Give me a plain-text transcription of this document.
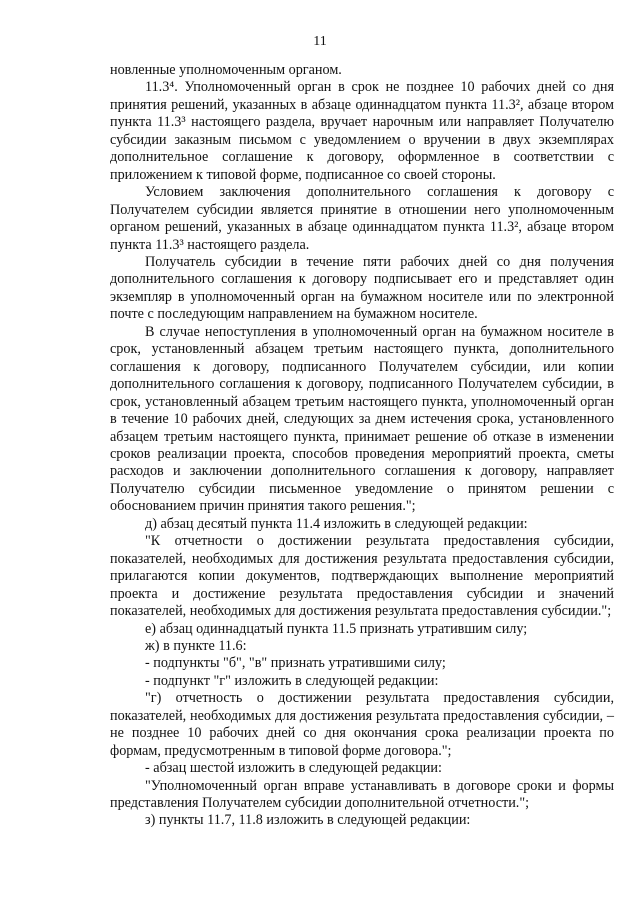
11

новленные уполномоченным органом.

11.3⁴. Уполномоченный орган в срок не позднее 10 рабочих дней со дня принятия решений, указанных в абзаце одиннадцатом пункта 11.3², абзаце втором пункта 11.3³ настоящего раздела, вручает нарочным или направляет Получателю субсидии заказным письмом с уведомлением о вручении в двух экземплярах дополнительное соглашение к договору, оформленное в соответствии с приложением к типовой форме, подписанное со своей стороны.

Условием заключения дополнительного соглашения к договору с Получателем субсидии является принятие в отношении него уполномоченным органом решений, указанных в абзаце одиннадцатом пункта 11.3², абзаце втором пункта 11.3³ настоящего раздела.

Получатель субсидии в течение пяти рабочих дней со дня получения дополнительного соглашения к договору подписывает его и представляет один экземпляр в уполномоченный орган на бумажном носителе или по электронной почте с последующим направлением на бумажном носителе.

В случае непоступления в уполномоченный орган на бумажном носителе в срок, установленный абзацем третьим настоящего пункта, дополнительного соглашения к договору, подписанного Получателем субсидии, или копии дополнительного соглашения к договору, подписанного Получателем субсидии, в срок, установленный абзацем третьим настоящего пункта, уполномоченный орган в течение 10 рабочих дней, следующих за днем истечения срока, установленного абзацем третьим настоящего пункта, принимает решение об отказе в изменении сроков реализации проекта, способов проведения мероприятий проекта, сметы расходов и заключении дополнительного соглашения к договору, направляет Получателю субсидии письменное уведомление о принятом решении с обоснованием причин принятия такого решения.";

д) абзац десятый пункта 11.4 изложить в следующей редакции:

"К отчетности о достижении результата предоставления субсидии, показателей, необходимых для достижения результата предоставления субсидии, прилагаются копии документов, подтверждающих выполнение мероприятий проекта и достижение результата предоставления субсидии и значений показателей, необходимых для достижения результата предоставления субсидии.";

е) абзац одиннадцатый пункта 11.5 признать утратившим силу;

ж) в пункте 11.6:

- подпункты "б", "в" признать утратившими силу;

- подпункт "г" изложить в следующей редакции:

"г) отчетность о достижении результата предоставления субсидии, показателей, необходимых для достижения результата предоставления субсидии, – не позднее 10 рабочих дней со дня окончания срока реализации проекта по формам, предусмотренным в типовой форме договора.";

- абзац шестой изложить в следующей редакции:

"Уполномоченный орган вправе устанавливать в договоре сроки и формы представления Получателем субсидии дополнительной отчетности.";

з) пункты 11.7, 11.8 изложить в следующей редакции:
